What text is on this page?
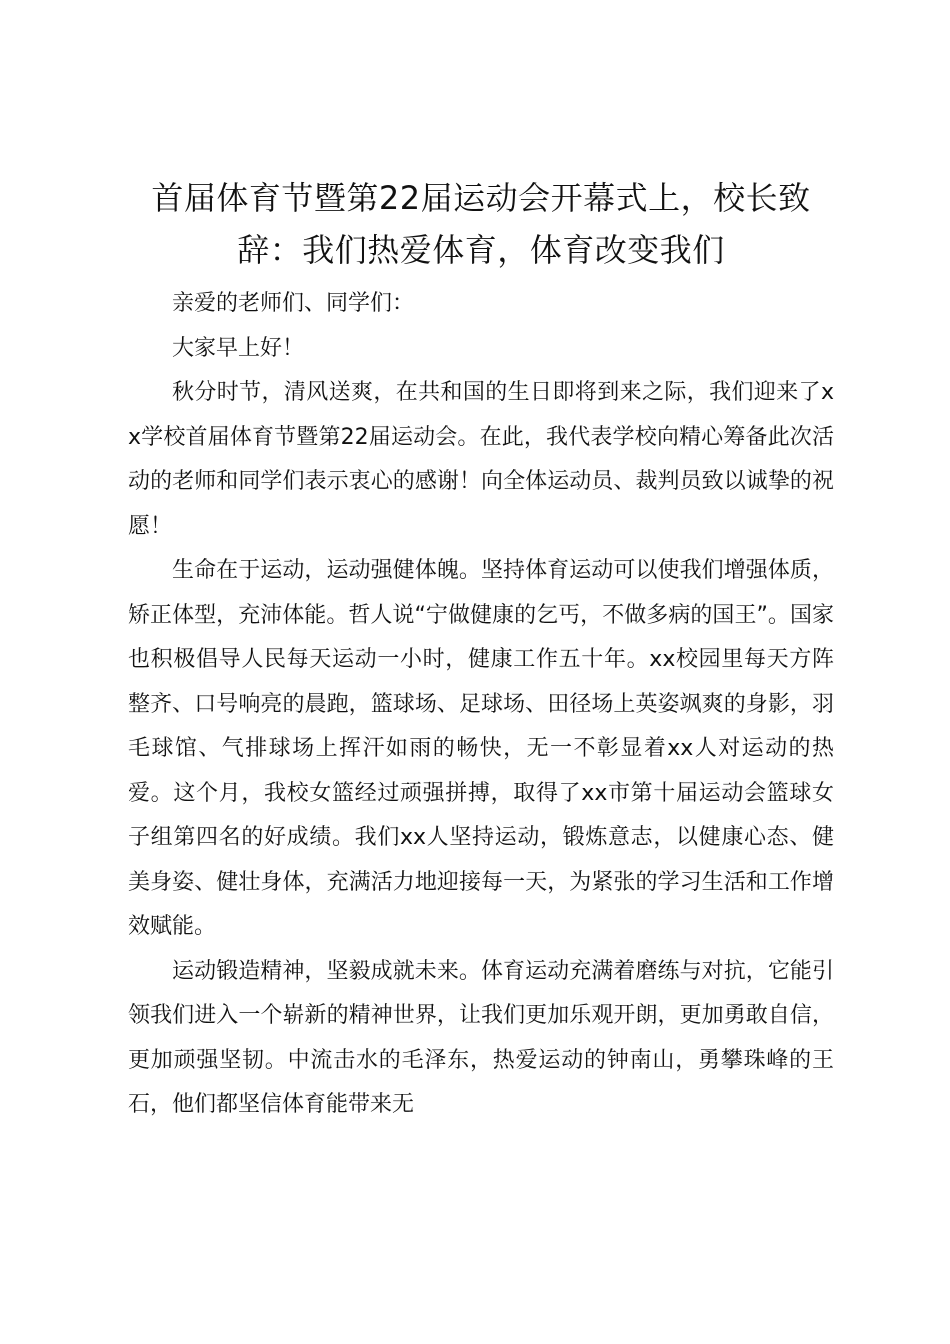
首届体育节暨第22届运动会开幕式上，校长致辞：我们热爱体育，体育改变我们

亲爱的老师们、同学们：

大家早上好！

秋分时节，清风送爽，在共和国的生日即将到来之际，我们迎来了xx学校首届体育节暨第22届运动会。在此，我代表学校向精心筹备此次活动的老师和同学们表示衷心的感谢！向全体运动员、裁判员致以诚挚的祝愿！

生命在于运动，运动强健体魄。坚持体育运动可以使我们增强体质，矫正体型，充沛体能。哲人说“宁做健康的乞丐，不做多病的国王”。国家也积极倡导人民每天运动一小时，健康工作五十年。xx校园里每天方阵整齐、口号响亮的晨跑，篮球场、足球场、田径场上英姿飒爽的身影，羽毛球馆、气排球场上挥汗如雨的畅快，无一不彰显着xx人对运动的热爱。这个月，我校女篮经过顽强拼搏，取得了xx市第十届运动会篮球女子组第四名的好成绩。我们xx人坚持运动，锻炼意志，以健康心态、健美身姿、健壮身体，充满活力地迎接每一天，为紧张的学习生活和工作增效赋能。

运动锻造精神，坚毅成就未来。体育运动充满着磨练与对抗，它能引领我们进入一个崭新的精神世界，让我们更加乐观开朗，更加勇敢自信，更加顽强坚韧。中流击水的毛泽东，热爱运动的钟南山，勇攀珠峰的王石，他们都坚信体育能带来无
